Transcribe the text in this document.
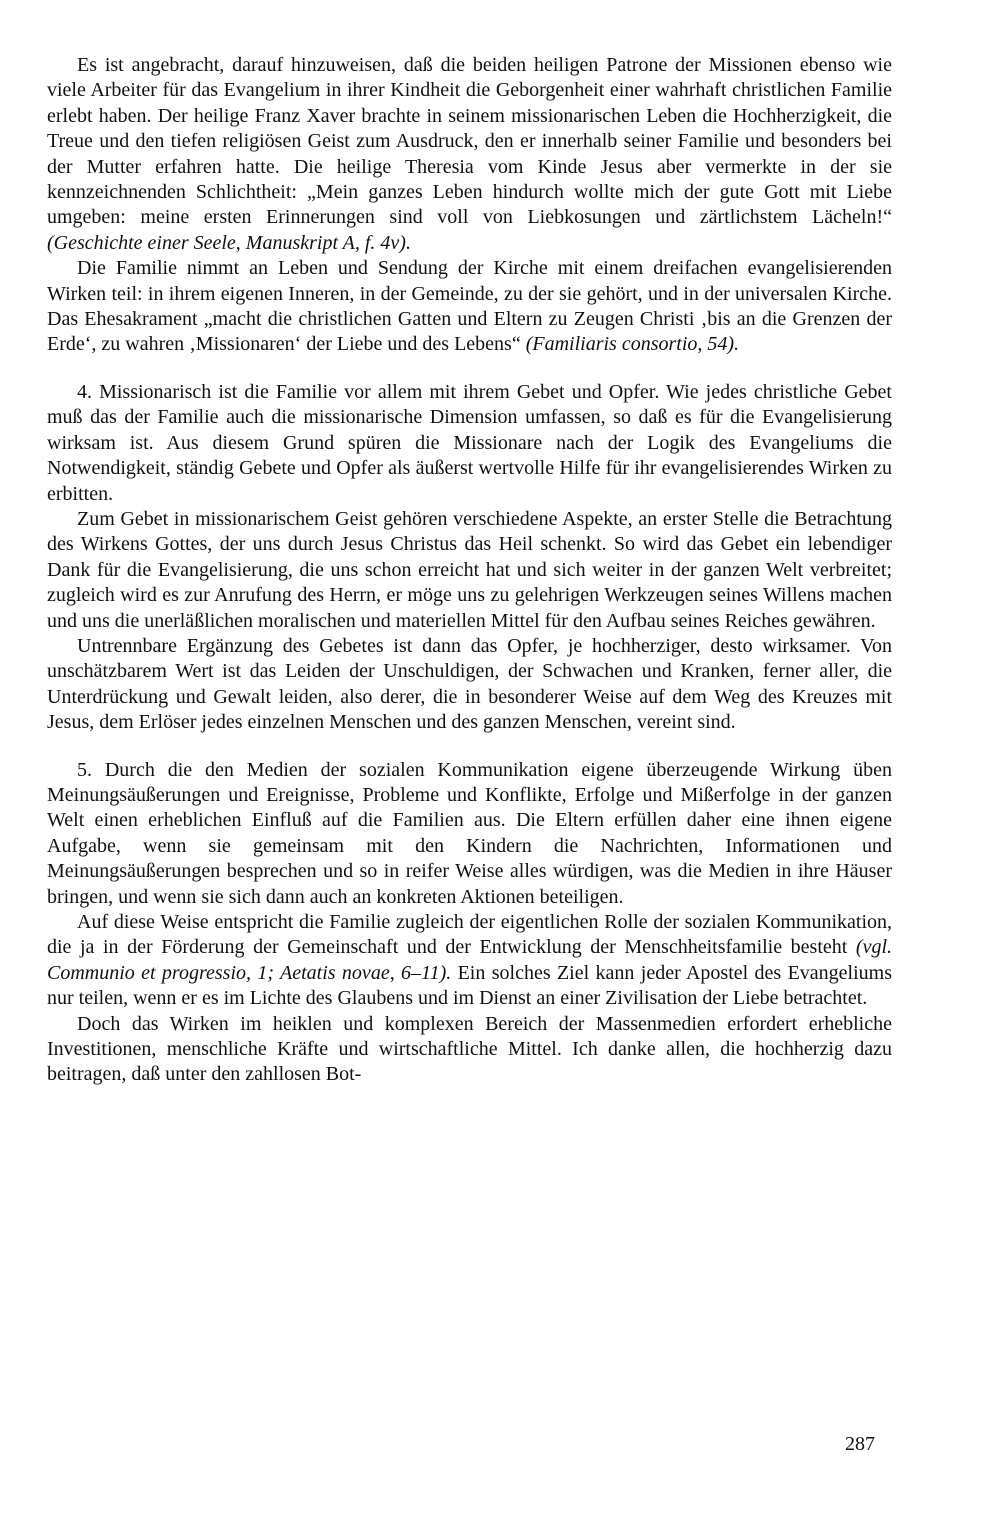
Es ist angebracht, darauf hinzuweisen, daß die beiden heiligen Patrone der Missionen ebenso wie viele Arbeiter für das Evangelium in ihrer Kindheit die Geborgenheit einer wahrhaft christlichen Familie erlebt haben. Der heilige Franz Xaver brachte in seinem missionarischen Leben die Hochherzigkeit, die Treue und den tiefen religiösen Geist zum Ausdruck, den er innerhalb seiner Familie und besonders bei der Mutter erfahren hatte. Die heilige Theresia vom Kinde Jesus aber vermerkte in der sie kennzeichnenden Schlichtheit: „Mein ganzes Leben hindurch wollte mich der gute Gott mit Liebe umgeben: meine ersten Erinnerungen sind voll von Liebkosungen und zärtlichstem Lächeln!“ (Geschichte einer Seele, Manuskript A, f. 4v).

Die Familie nimmt an Leben und Sendung der Kirche mit einem dreifachen evangelisierenden Wirken teil: in ihrem eigenen Inneren, in der Gemeinde, zu der sie gehört, und in der universalen Kirche. Das Ehesakrament „macht die christlichen Gatten und Eltern zu Zeugen Christi ‚bis an die Grenzen der Erde‘, zu wahren ‚Missionaren‘ der Liebe und des Lebens“ (Familiaris consortio, 54).

4. Missionarisch ist die Familie vor allem mit ihrem Gebet und Opfer. Wie jedes christliche Gebet muß das der Familie auch die missionarische Dimension umfassen, so daß es für die Evangelisierung wirksam ist. Aus diesem Grund spüren die Missionare nach der Logik des Evangeliums die Notwendigkeit, ständig Gebete und Opfer als äußerst wertvolle Hilfe für ihr evangelisierendes Wirken zu erbitten.

Zum Gebet in missionarischem Geist gehören verschiedene Aspekte, an erster Stelle die Betrachtung des Wirkens Gottes, der uns durch Jesus Christus das Heil schenkt. So wird das Gebet ein lebendiger Dank für die Evangelisierung, die uns schon erreicht hat und sich weiter in der ganzen Welt verbreitet; zugleich wird es zur Anrufung des Herrn, er möge uns zu gelehrigen Werkzeugen seines Willens machen und uns die unerläßlichen moralischen und materiellen Mittel für den Aufbau seines Reiches gewähren.

Untrennbare Ergänzung des Gebetes ist dann das Opfer, je hochherziger, desto wirksamer. Von unschätzbarem Wert ist das Leiden der Unschuldigen, der Schwachen und Kranken, ferner aller, die Unterdrückung und Gewalt leiden, also derer, die in besonderer Weise auf dem Weg des Kreuzes mit Jesus, dem Erlöser jedes einzelnen Menschen und des ganzen Menschen, vereint sind.

5. Durch die den Medien der sozialen Kommunikation eigene überzeugende Wirkung üben Meinungsäußerungen und Ereignisse, Probleme und Konflikte, Erfolge und Mißerfolge in der ganzen Welt einen erheblichen Einfluß auf die Familien aus. Die Eltern erfüllen daher eine ihnen eigene Aufgabe, wenn sie gemeinsam mit den Kindern die Nachrichten, Informationen und Meinungsäußerungen besprechen und so in reifer Weise alles würdigen, was die Medien in ihre Häuser bringen, und wenn sie sich dann auch an konkreten Aktionen beteiligen.

Auf diese Weise entspricht die Familie zugleich der eigentlichen Rolle der sozialen Kommunikation, die ja in der Förderung der Gemeinschaft und der Entwicklung der Menschheitsfamilie besteht (vgl. Communio et progressio, 1; Aetatis novae, 6–11). Ein solches Ziel kann jeder Apostel des Evangeliums nur teilen, wenn er es im Lichte des Glaubens und im Dienst an einer Zivilisation der Liebe betrachtet.

Doch das Wirken im heiklen und komplexen Bereich der Massenmedien erfordert erhebliche Investitionen, menschliche Kräfte und wirtschaftliche Mittel. Ich danke allen, die hochherzig dazu beitragen, daß unter den zahllosen Bot-

287
